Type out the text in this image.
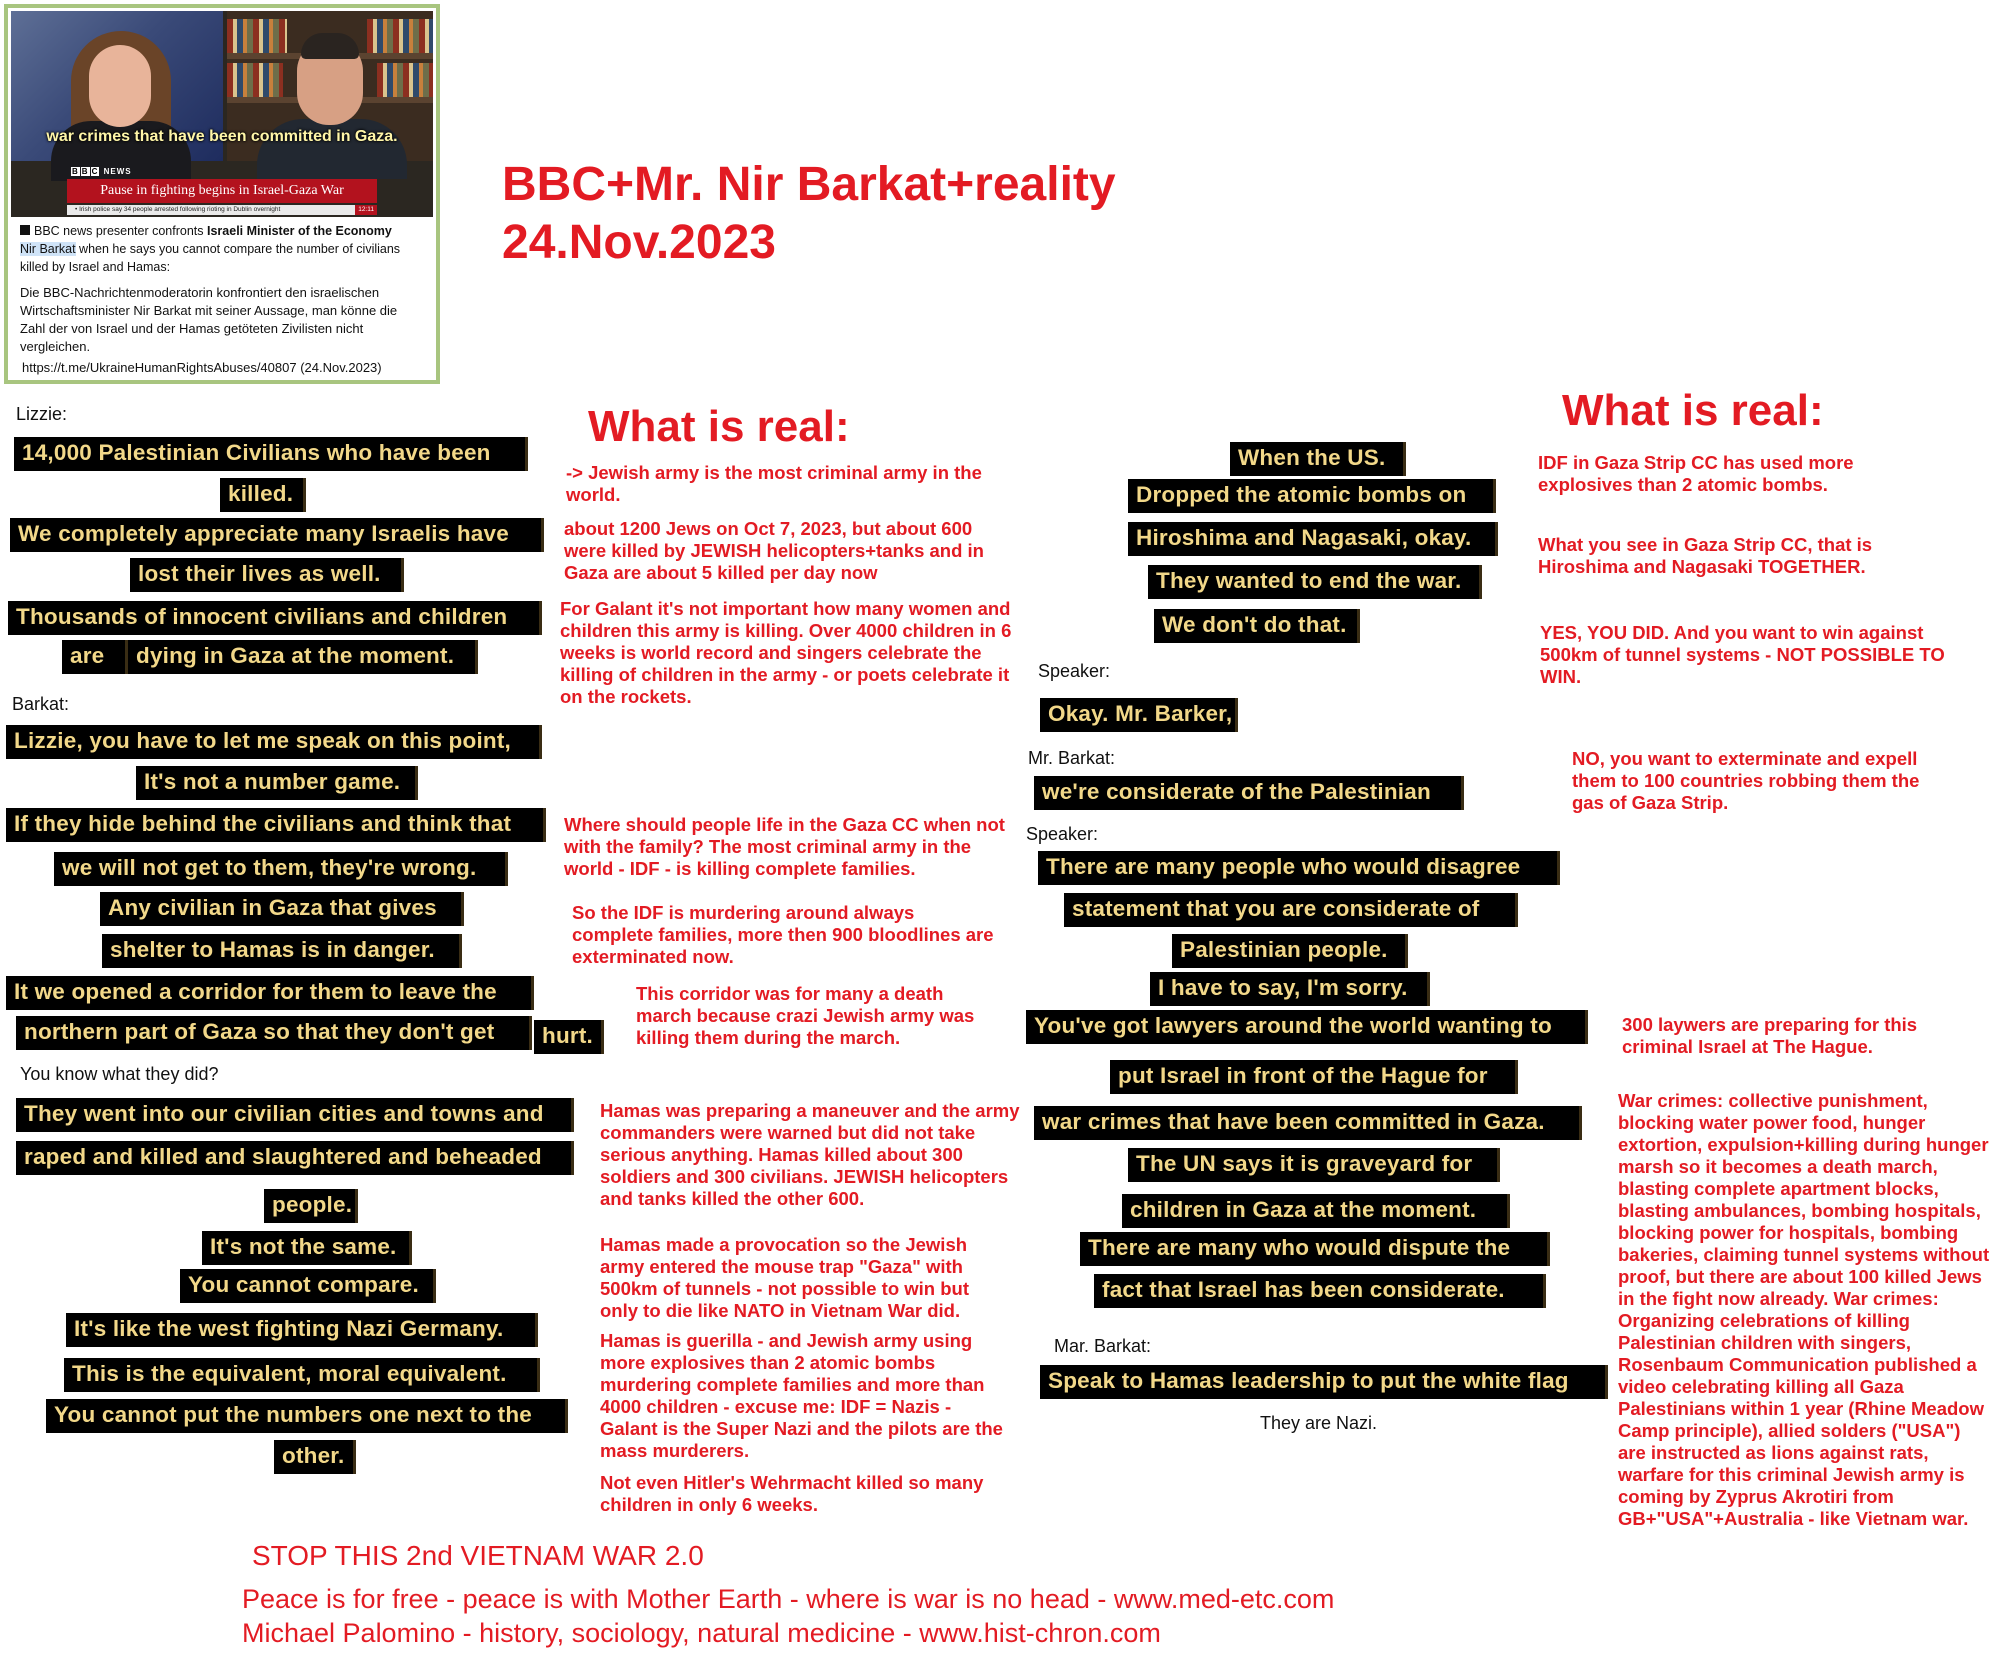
war crimes that have been committed in Gaza.
B B C NEWS
Pause in fighting begins in Israel-Gaza War
• Irish police say 34 people arrested following rioting in Dublin overnight	12:11
BBC news presenter confronts Israeli Minister of the Economy
Nir Barkat when he says you cannot compare the number of civilians killed by Israel and Hamas:
Die BBC-Nachrichtenmoderatorin konfrontiert den israelischen Wirtschaftsminister Nir Barkat mit seiner Aussage, man könne die Zahl der von Israel und der Hamas getöteten Zivilisten nicht vergleichen.
https://t.me/UkraineHumanRightsAbuses/40807 (24.Nov.2023)
BBC+Mr. Nir Barkat+reality
24.Nov.2023
What is real:	What is real:
Lizzie:
Barkat:
You know what they did?
14,000 Palestinian Civilians who have been
killed.
We completely appreciate many Israelis have
lost their lives as well.
Thousands of innocent civilians and children
are	dying in Gaza at the moment.
Lizzie, you have to let me speak on this point,
It's not a number game.
If they hide behind the civilians and think that
we will not get to them, they're wrong.
Any civilian in Gaza that gives
shelter to Hamas is in danger.
It we opened a corridor for them to leave the
northern part of Gaza so that they don't get	hurt.
They went into our civilian cities and towns and
raped and killed and slaughtered and beheaded
people.
It's not the same.
You cannot compare.
It's like the west fighting Nazi Germany.
This is the equivalent, moral equivalent.
You cannot put the numbers one next to the
other.
-> Jewish army is the most criminal army in the world.
about 1200 Jews on Oct 7, 2023, but about 600 were killed by JEWISH helicopters+tanks and in Gaza are about 5 killed per day now
For Galant it's not important how many women and children this army is killing. Over 4000 children in 6 weeks is world record and singers celebrate the killing of children in the army - or poets celebrate it on the rockets.
Where should people life in the Gaza CC when not with the family? The most criminal army in the world - IDF - is killing complete families.
So the IDF is murdering around always complete families, more then 900 bloodlines are exterminated now.
This corridor was for many a death march because crazi Jewish army was killing them during the march.
Hamas was preparing a maneuver and the army commanders were warned but did not take serious anything. Hamas killed about 300 soldiers and 300 civilians. JEWISH helicopters and tanks killed the other 600.
Hamas made a provocation so the Jewish army entered the mouse trap "Gaza" with 500km of tunnels - not possible to win but only to die like NATO in Vietnam War did.
Hamas is guerilla - and Jewish army using more explosives than 2 atomic bombs murdering complete families and more than 4000 children - excuse me: IDF = Nazis - Galant is the Super Nazi and the pilots are the mass murderers.
Not even Hitler's Wehrmacht killed so many children in only 6 weeks.
Speaker:
Mr. Barkat:
Speaker:
Mar. Barkat:
They are Nazi.
When the US.
Dropped the atomic bombs on
Hiroshima and Nagasaki, okay.
They wanted to end the war.
We don't do that.
Okay. Mr. Barker,
we're considerate of the Palestinian
There are many people who would disagree
statement that you are considerate of
Palestinian people.
I have to say, I'm sorry.
You've got lawyers around the world wanting to
put Israel in front of the Hague for
war crimes that have been committed in Gaza.
The UN says it is graveyard for
children in Gaza at the moment.
There are many who would dispute the
fact that Israel has been considerate.
Speak to Hamas leadership to put the white flag
IDF in Gaza Strip CC has used more explosives than 2 atomic bombs.
What you see in Gaza Strip CC, that is Hiroshima and Nagasaki TOGETHER.
YES, YOU DID. And you want to win against 500km of tunnel systems - NOT POSSIBLE TO WIN.
NO, you want to exterminate and expell them to 100 countries robbing them the gas of Gaza Strip.
300 laywers are preparing for this criminal Israel at The Hague.
War crimes: collective punishment, blocking water power food, hunger extortion, expulsion+killing during hunger marsh so it becomes a death march, blasting complete apartment blocks, blasting ambulances, bombing hospitals, blocking power for hospitals, bombing bakeries, claiming tunnel systems without proof, but there are about 100 killed Jews in the fight now already. War crimes: Organizing celebrations of killing Palestinian children with singers, Rosenbaum Communication published a video celebrating killing all Gaza Palestinians within 1 year (Rhine Meadow Camp principle), allied solders ("USA") are instructed as lions against rats, warfare for this criminal Jewish army is coming by Zyprus Akrotiri from GB+"USA"+Australia - like Vietnam war.
STOP THIS 2nd VIETNAM WAR 2.0
Peace is for free - peace is with Mother Earth - where is war is no head - www.med-etc.com
Michael Palomino - history, sociology, natural medicine - www.hist-chron.com
